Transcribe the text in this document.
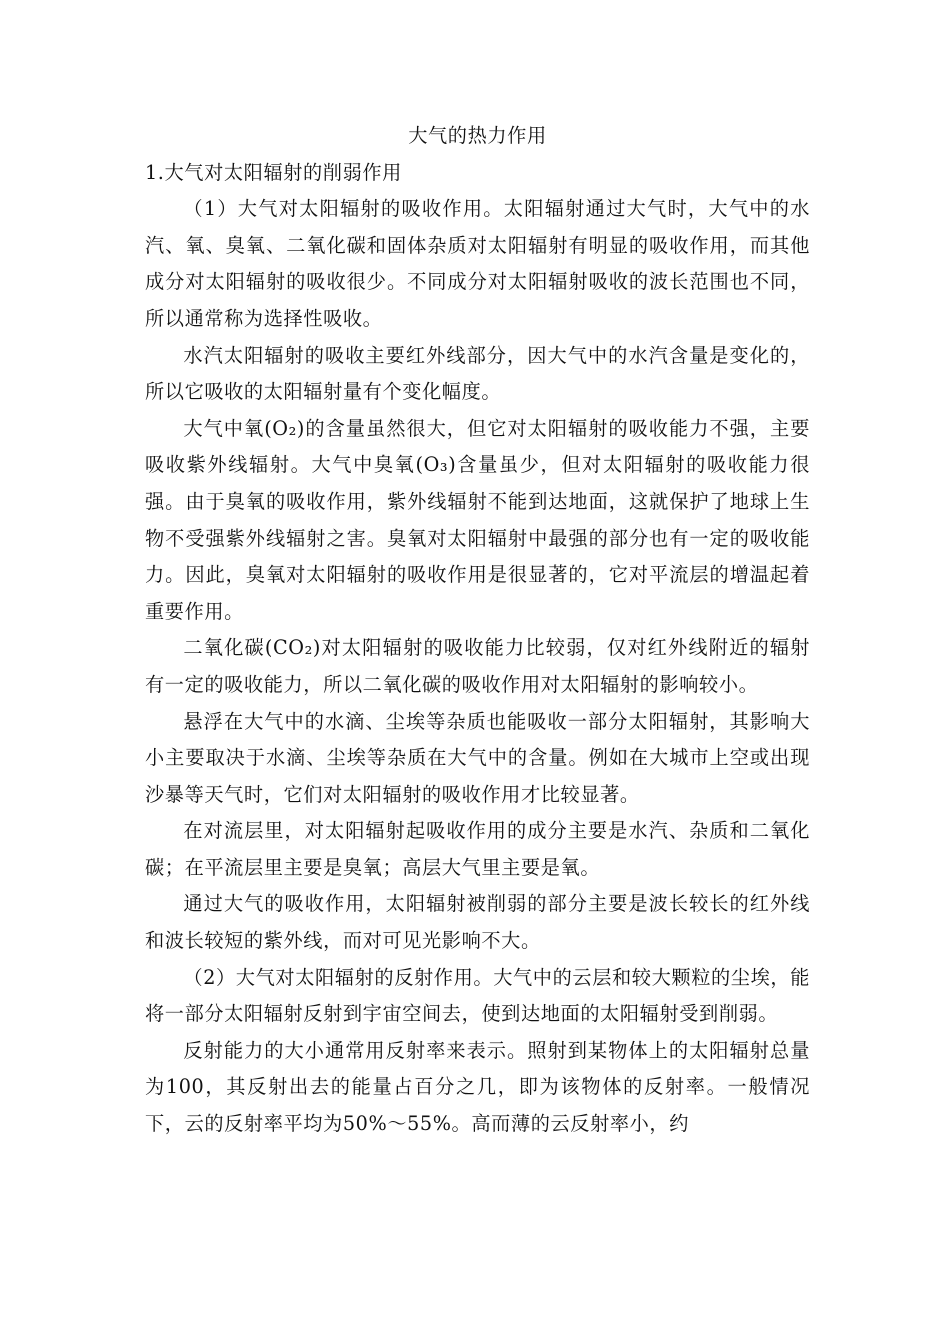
大气的热力作用
1.大气对太阳辐射的削弱作用

（1）大气对太阳辐射的吸收作用。太阳辐射通过大气时，大气中的水汽、氧、臭氧、二氧化碳和固体杂质对太阳辐射有明显的吸收作用，而其他成分对太阳辐射的吸收很少。不同成分对太阳辐射吸收的波长范围也不同，所以通常称为选择性吸收。

水汽太阳辐射的吸收主要红外线部分，因大气中的水汽含量是变化的，所以它吸收的太阳辐射量有个变化幅度。

大气中氧(O₂)的含量虽然很大，但它对太阳辐射的吸收能力不强，主要吸收紫外线辐射。大气中臭氧(O₃)含量虽少，但对太阳辐射的吸收能力很强。由于臭氧的吸收作用，紫外线辐射不能到达地面，这就保护了地球上生物不受强紫外线辐射之害。臭氧对太阳辐射中最强的部分也有一定的吸收能力。因此，臭氧对太阳辐射的吸收作用是很显著的，它对平流层的增温起着重要作用。

二氧化碳(CO₂)对太阳辐射的吸收能力比较弱，仅对红外线附近的辐射有一定的吸收能力，所以二氧化碳的吸收作用对太阳辐射的影响较小。

悬浮在大气中的水滴、尘埃等杂质也能吸收一部分太阳辐射，其影响大小主要取决于水滴、尘埃等杂质在大气中的含量。例如在大城市上空或出现沙暴等天气时，它们对太阳辐射的吸收作用才比较显著。

在对流层里，对太阳辐射起吸收作用的成分主要是水汽、杂质和二氧化碳；在平流层里主要是臭氧；高层大气里主要是氧。

通过大气的吸收作用，太阳辐射被削弱的部分主要是波长较长的红外线和波长较短的紫外线，而对可见光影响不大。

（2）大气对太阳辐射的反射作用。大气中的云层和较大颗粒的尘埃，能将一部分太阳辐射反射到宇宙空间去，使到达地面的太阳辐射受到削弱。

反射能力的大小通常用反射率来表示。照射到某物体上的太阳辐射总量为100，其反射出去的能量占百分之几，即为该物体的反射率。一般情况下，云的反射率平均为50%～55%。高而薄的云反射率小，约
